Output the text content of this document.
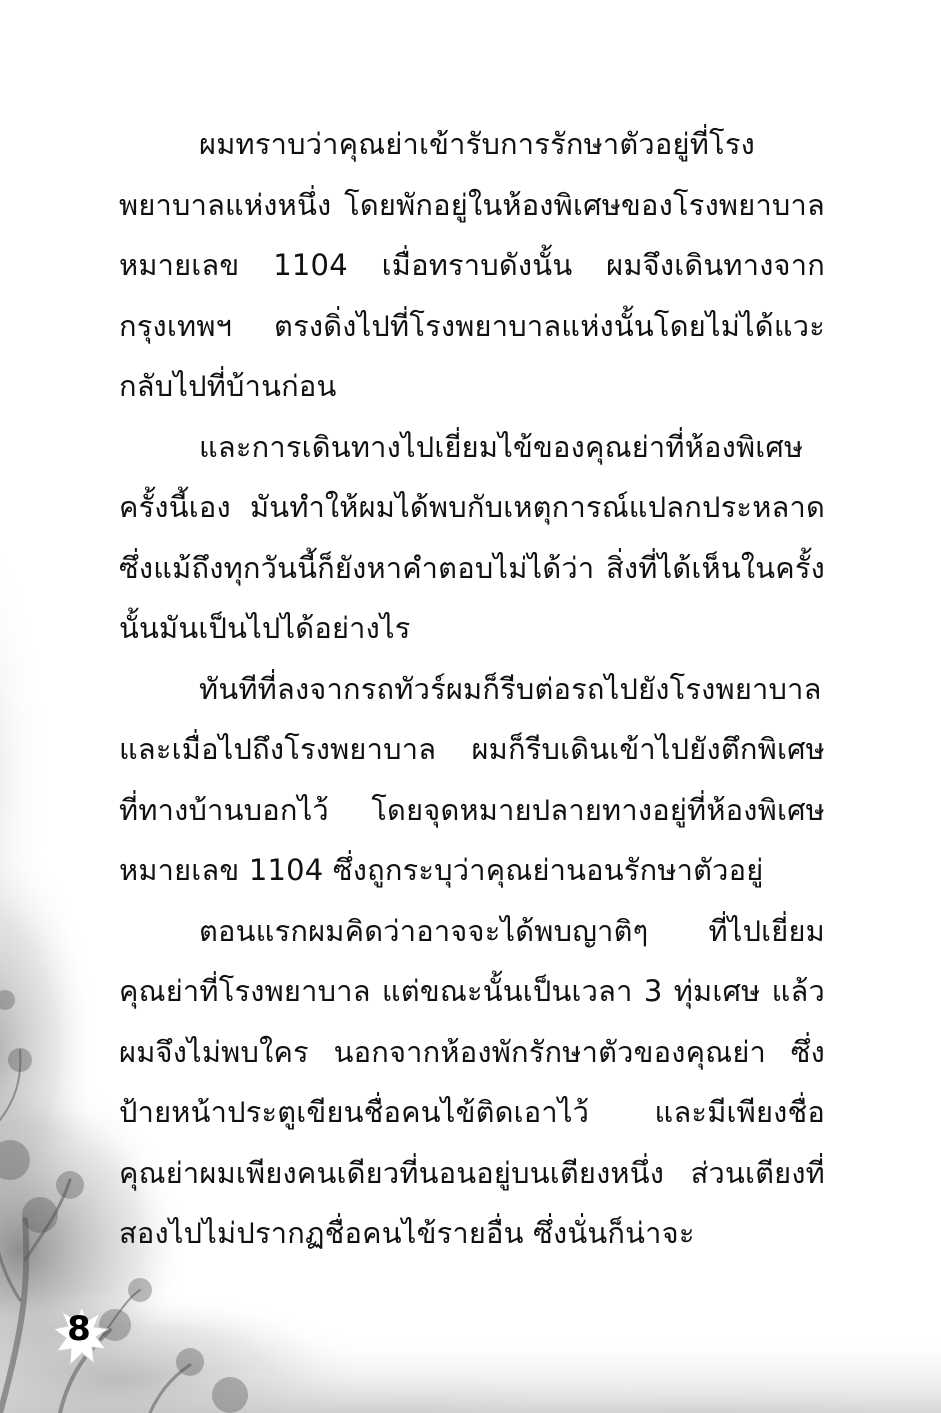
ผมทราบว่าคุณย่าเข้ารับการรักษาตัวอยู่ที่โรงพยาบาลแห่งหนึ่ง โดยพักอยู่ในห้องพิเศษของโรงพยาบาล หมายเลข 1104 เมื่อทราบดังนั้น ผมจึงเดินทางจากกรุงเทพฯ ตรงดิ่งไปที่โรงพยาบาลแห่งนั้นโดยไม่ได้แวะกลับไปที่บ้านก่อน

และการเดินทางไปเยี่ยมไข้ของคุณย่าที่ห้องพิเศษครั้งนี้เอง มันทำให้ผมได้พบกับเหตุการณ์แปลกประหลาด ซึ่งแม้ถึงทุกวันนี้ก็ยังหาคำตอบไม่ได้ว่า สิ่งที่ได้เห็นในครั้งนั้นมันเป็นไปได้อย่างไร

ทันทีที่ลงจากรถทัวร์ผมก็รีบต่อรถไปยังโรงพยาบาล และเมื่อไปถึงโรงพยาบาล ผมก็รีบเดินเข้าไปยังตึกพิเศษที่ทางบ้านบอกไว้ โดยจุดหมายปลายทางอยู่ที่ห้องพิเศษหมายเลข 1104 ซึ่งถูกระบุว่าคุณย่านอนรักษาตัวอยู่

ตอนแรกผมคิดว่าอาจจะได้พบญาติๆ ที่ไปเยี่ยมคุณย่าที่โรงพยาบาล แต่ขณะนั้นเป็นเวลา 3 ทุ่มเศษ แล้วผมจึงไม่พบใคร นอกจากห้องพักรักษาตัวของคุณย่า ซึ่งป้ายหน้าประตูเขียนชื่อคนไข้ติดเอาไว้ และมีเพียงชื่อคุณย่าผมเพียงคนเดียวที่นอนอยู่บนเตียงหนึ่ง ส่วนเตียงที่สองไปไม่ปรากฏชื่อคนไข้รายอื่น ซึ่งนั่นก็น่าจะ

8
